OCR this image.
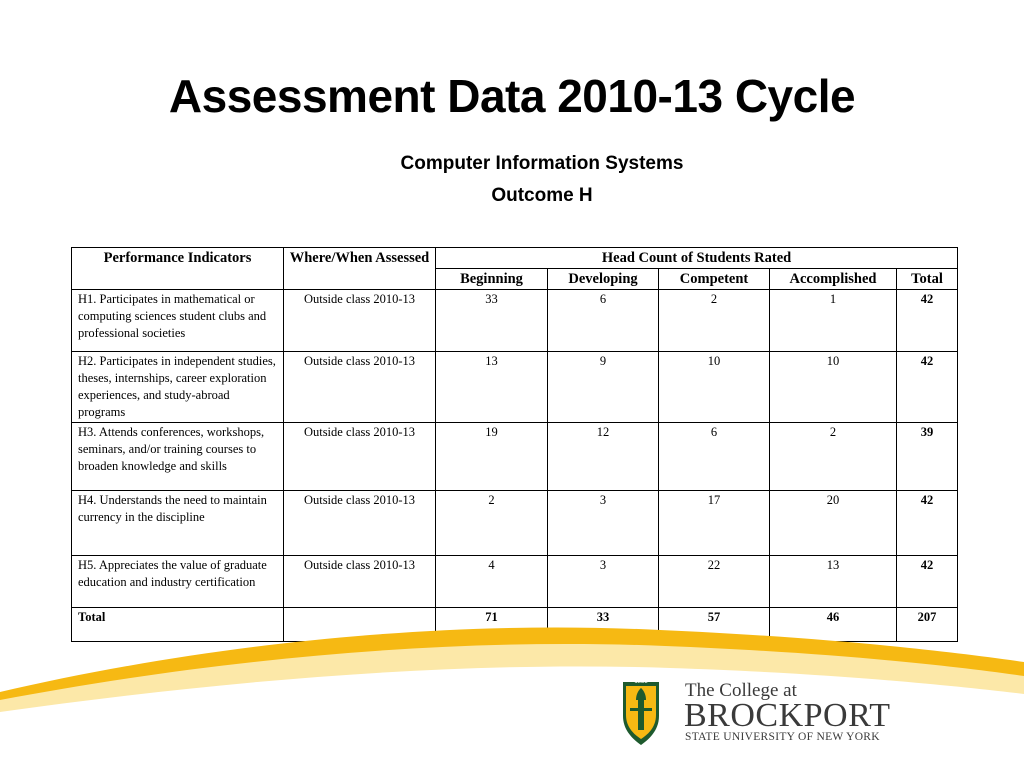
Assessment Data 2010-13 Cycle
Computer Information Systems
Outcome H
Performance Indicators	Where/When Assessed	Head Count of Students Rated				
		Beginning	Developing	Competent	Accomplished	Total
H1. Participates in mathematical or computing sciences student clubs and professional societies	Outside class 2010-13	33	6	2	1	42
H2. Participates in independent studies, theses, internships, career exploration experiences, and study-abroad programs	Outside class 2010-13	13	9	10	10	42
H3. Attends conferences, workshops, seminars, and/or training courses to broaden knowledge and skills	Outside class 2010-13	19	12	6	2	39
H4. Understands the need to maintain currency in the discipline	Outside class 2010-13	2	3	17	20	42
H5. Appreciates the value of graduate education and industry certification	Outside class 2010-13	4	3	22	13	42
Total		71	33	57	46	207
1835 The College at
BROCKPORT
STATE UNIVERSITY OF NEW YORK
